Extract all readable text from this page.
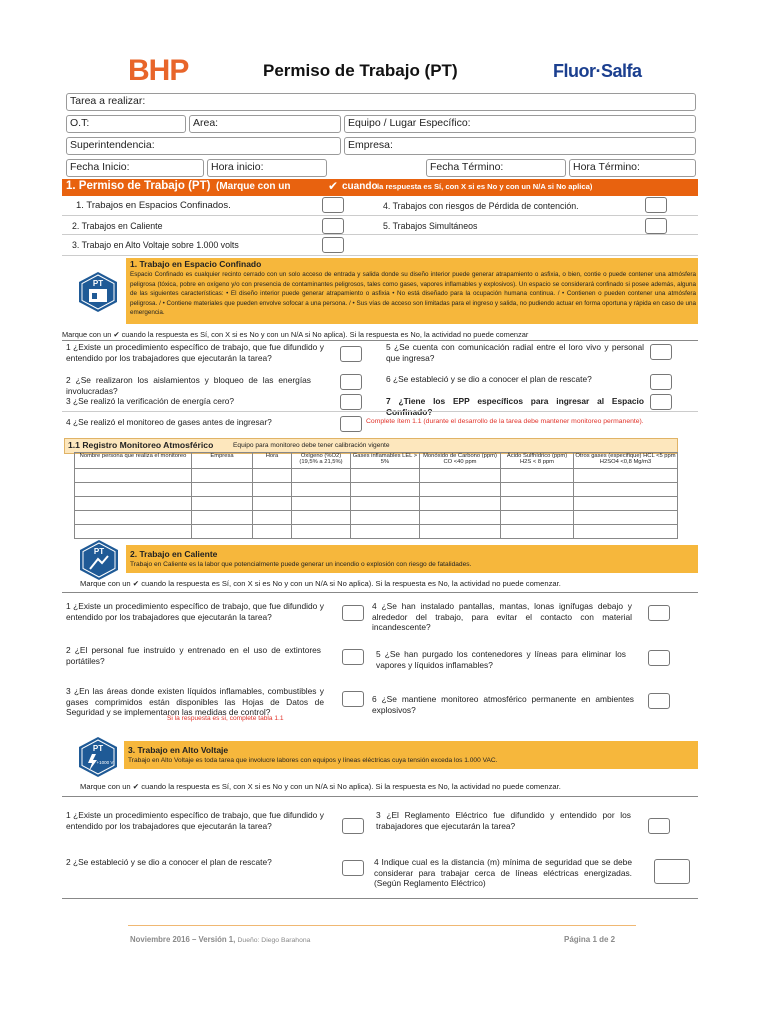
BHP	Permiso de Trabajo (PT)	Fluor·Salfa
Tarea a realizar:
O.T:	Area:	Equipo / Lugar Específico:
Superintendencia:	Empresa:
Fecha Inicio:	Hora inicio:	Fecha Término:	Hora Término:
1. Permiso de Trabajo (PT) (Marque con un	✔ cuando la respuesta es Sí, con X si es No y con un N/A si No aplica)
1. Trabajos en Espacios Confinados.
2. Trabajos en Caliente
3. Trabajo en Alto Voltaje sobre 1.000 volts
4. Trabajos con riesgos de Pérdida de contención.
5. Trabajos Simultáneos
PT
1. Trabajo en Espacio Confinado
Espacio Confinado es cualquier recinto cerrado con un solo acceso de entrada y salida donde su diseño interior puede generar atrapamiento o asfixia, o bien, contie o puede contener una atmósfera peligrosa (tóxica, pobre en oxígeno y/o con presencia de contaminantes peligrosos, tales como gases, vapores inflamables y explosivos). Un espacio se considerará confinado si posee además, alguna de las siguientes características: • El diseño interior puede generar atrapamiento o asfixia • No está diseñado para la ocupación humana continua. / • Contienen o pueden contener una atmósfera peligrosa. / • Contiene materiales que pueden envolve sofocar a una persona. / • Sus vías de acceso son limitadas para el ingreso y salida, no pudiendo actuar en forma oportuna y rápida en caso de una emergencia.
Marque con un ✔ cuando la respuesta es Sí, con X si es No y con un N/A si No aplica). Si la respuesta es No, la actividad no puede comenzar
1 ¿Existe un procedimiento específico de trabajo, que fue difundido y entendido por los trabajadores que ejecutarán la tarea?
5 ¿Se cuenta con comunicación radial entre el loro vivo y personal que ingresa?
2 ¿Se realizaron los aislamientos y bloqueo de las energías involucradas?
6 ¿Se estableció y se dio a conocer el plan de rescate?
3 ¿Se realizó la verificación de energía cero?	7 ¿Tiene los EPP específicos para ingresar al Espacio
4 ¿Se realizó el monitoreo de gases antes de ingresar?	Complete ítem 1.1 (durante el desarrollo de la tarea debe mantener monitoreo permanente).
1.1 Registro Monitoreo Atmosférico	Equipo para monitoreo debe tener calibración vigente
Nombre persona que realiza el monitoreo	Empresa	Hora	Oxígeno (%O2) (19,5% a 21,5%)	Gases inflamables LEL > 5%	Monóxido de Carbono (ppm) CO <40 ppm	Ácido Sulfhídrico (ppm) H2S < 8 ppm	Otros gases (especifique) HCL <5 ppm H2SO4 <0,8 Mg/m3

PT	2. Trabajo en Caliente
Trabajo en Caliente es la labor que potencialmente puede generar un incendio o explosión con riesgo de fatalidades.
Marque con un ✔ cuando la respuesta es Sí, con X si es No y con un N/A si No aplica). Si la respuesta es No, la actividad no puede comenzar.
1 ¿Existe un procedimiento específico de trabajo, que fue difundido y entendido por los trabajadores que ejecutarán la tarea?
4 ¿Se han instalado pantallas, mantas, lonas ignífugas debajo y alrededor del trabajo, para evitar el contacto con material incandescente?
2 ¿El personal fue instruido y entrenado en el uso de extintores portátiles?
5 ¿Se han purgado los contenedores y líneas para eliminar los vapores y líquidos inflamables?
3 ¿En las áreas donde existen líquidos inflamables, combustibles y gases comprimidos están disponibles las Hojas de Datos de Seguridad y se implementaron las medidas de control?
Si la respuesta es si, complete tabla 1.1
6 ¿Se mantiene monitoreo atmosférico permanente en ambientes explosivos?
PT
+1000 V
3. Trabajo en Alto Voltaje
Trabajo en Alto Voltaje es toda tarea que involucre labores con equipos y líneas eléctricas cuya tensión exceda los 1.000 VAC.
Marque con un ✔ cuando la respuesta es Sí, con X si es No y con un N/A si No aplica). Si la respuesta es No, la actividad no puede comenzar.
1 ¿Existe un procedimiento específico de trabajo, que fue difundido y entendido por los trabajadores que ejecutarán la tarea?
3 ¿El Reglamento Eléctrico fue difundido y entendido por los trabajadores que ejecutarán la tarea?
2 ¿Se estableció y se dio a conocer el plan de rescate?	4 Indique cual es la distancia (m) mínima de seguridad que se debe considerar para trabajar cerca de líneas eléctricas energizadas. (Según Reglamento Eléctrico)
Noviembre 2016 – Versión 1, Dueño: Diego Barahona	Página 1 de 2
